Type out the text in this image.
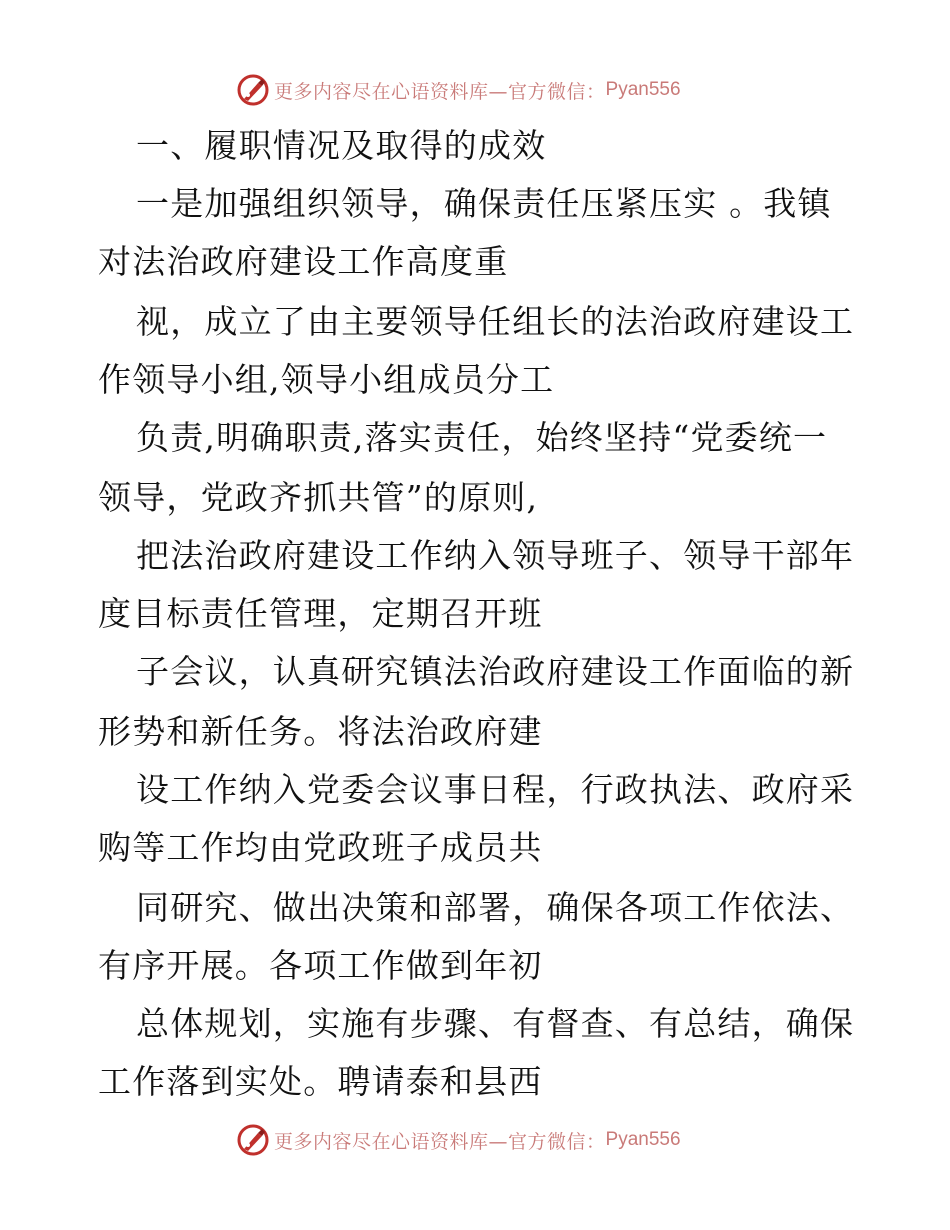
更多内容尽在心语资料库—官方微信： Pyan556
一、履职情况及取得的成效
一是加强组织领导，确保责任压紧压实 。我镇
对法治政府建设工作高度重
视，成立了由主要领导任组长的法治政府建设工
作领导小组,领导小组成员分工
负责,明确职责,落实责任，始终坚持“党委统一
领导，党政齐抓共管”的原则,
把法治政府建设工作纳入领导班子、领导干部年
度目标责任管理，定期召开班
子会议，认真研究镇法治政府建设工作面临的新
形势和新任务。将法治政府建
设工作纳入党委会议事日程，行政执法、政府采
购等工作均由党政班子成员共
同研究、做出决策和部署，确保各项工作依法、
有序开展。各项工作做到年初
总体规划，实施有步骤、有督查、有总结，确保
工作落到实处。聘请泰和县西
更多内容尽在心语资料库—官方微信： Pyan556
